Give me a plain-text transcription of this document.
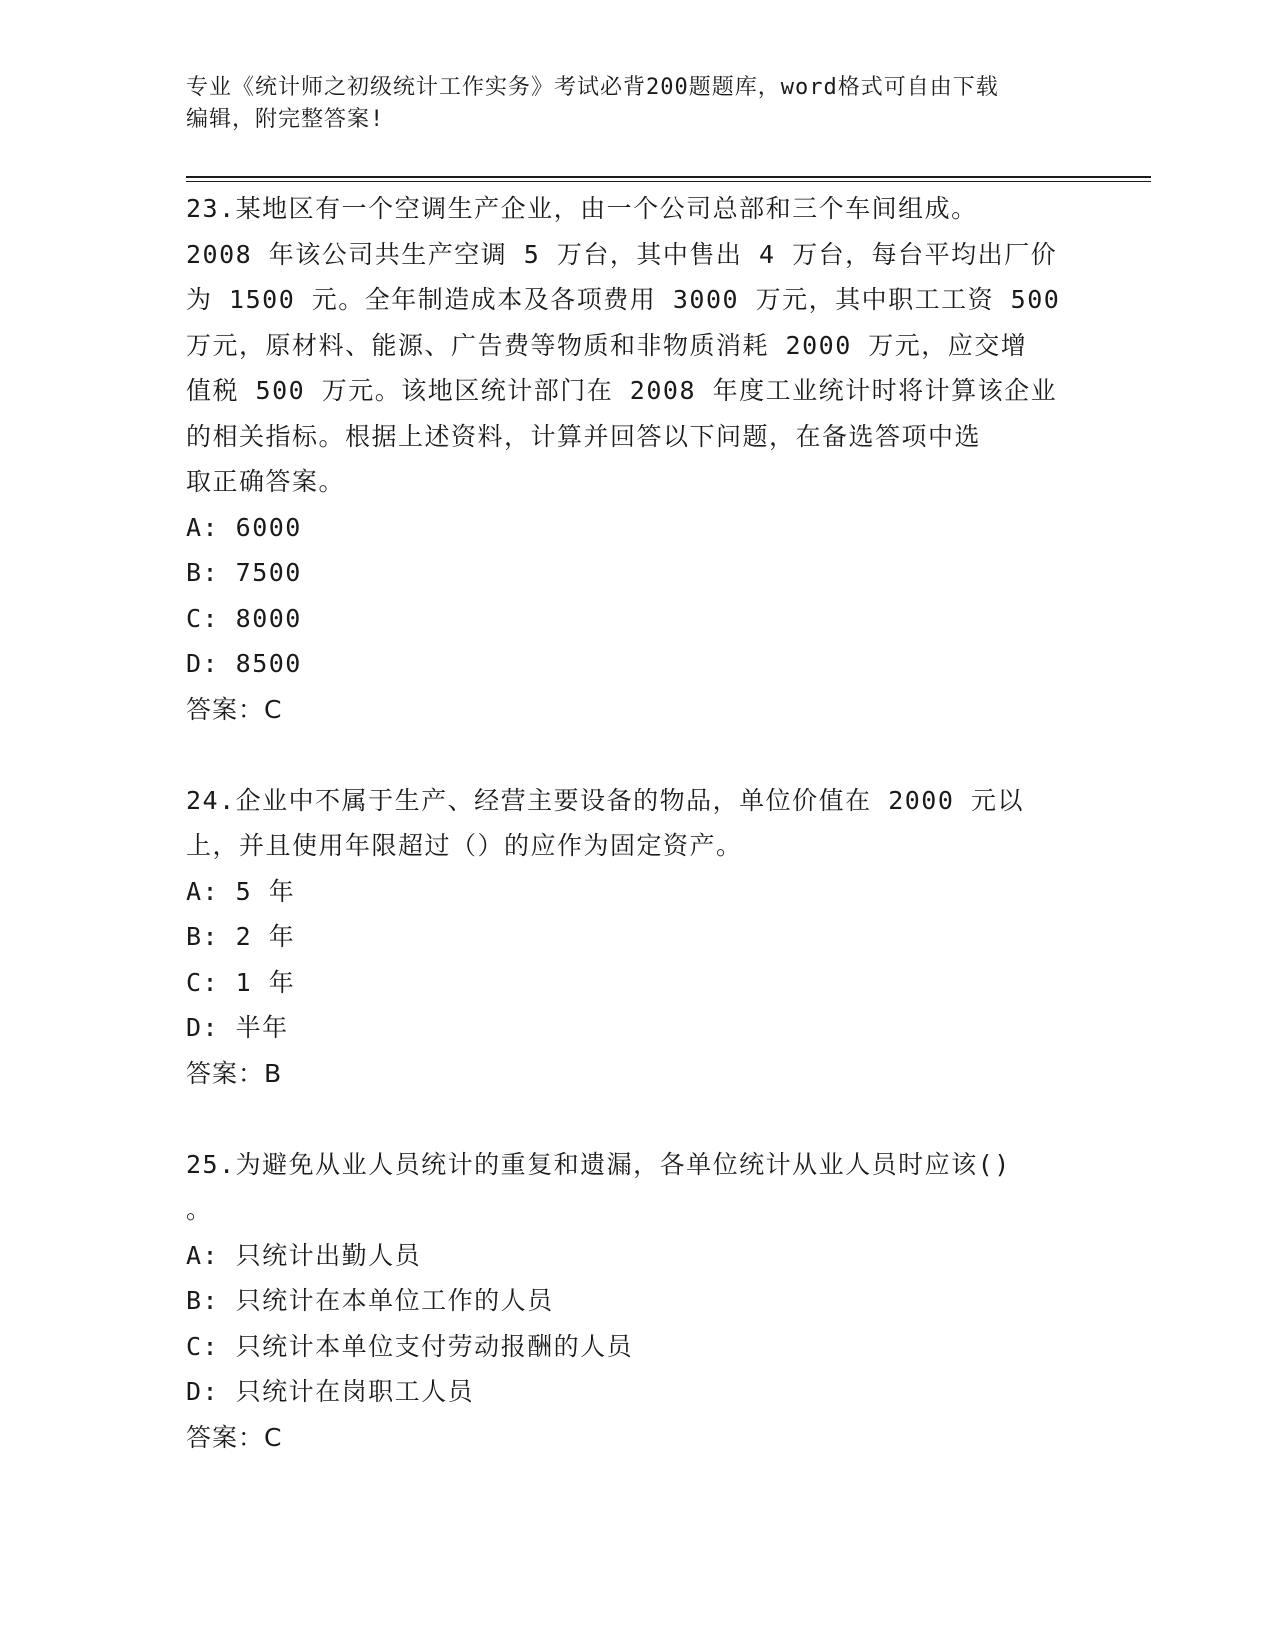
专业《统计师之初级统计工作实务》考试必背200题题库，word格式可自由下载
编辑，附完整答案!
23.某地区有一个空调生产企业，由一个公司总部和三个车间组成。
2008 年该公司共生产空调 5 万台，其中售出 4 万台，每台平均出厂价
为 1500 元。全年制造成本及各项费用 3000 万元，其中职工工资 500
万元，原材料、能源、广告费等物质和非物质消耗 2000 万元，应交增
值税 500 万元。该地区统计部门在 2008 年度工业统计时将计算该企业
的相关指标。根据上述资料，计算并回答以下问题，在备选答项中选
取正确答案。
A: 6000
B: 7500
C: 8000
D: 8500
答案：C
24.企业中不属于生产、经营主要设备的物品，单位价值在 2000 元以
上，并且使用年限超过（）的应作为固定资产。
A: 5 年
B: 2 年
C: 1 年
D: 半年
答案：B
25.为避免从业人员统计的重复和遗漏，各单位统计从业人员时应该()
。
A: 只统计出勤人员
B: 只统计在本单位工作的人员
C: 只统计本单位支付劳动报酬的人员
D: 只统计在岗职工人员
答案：C
